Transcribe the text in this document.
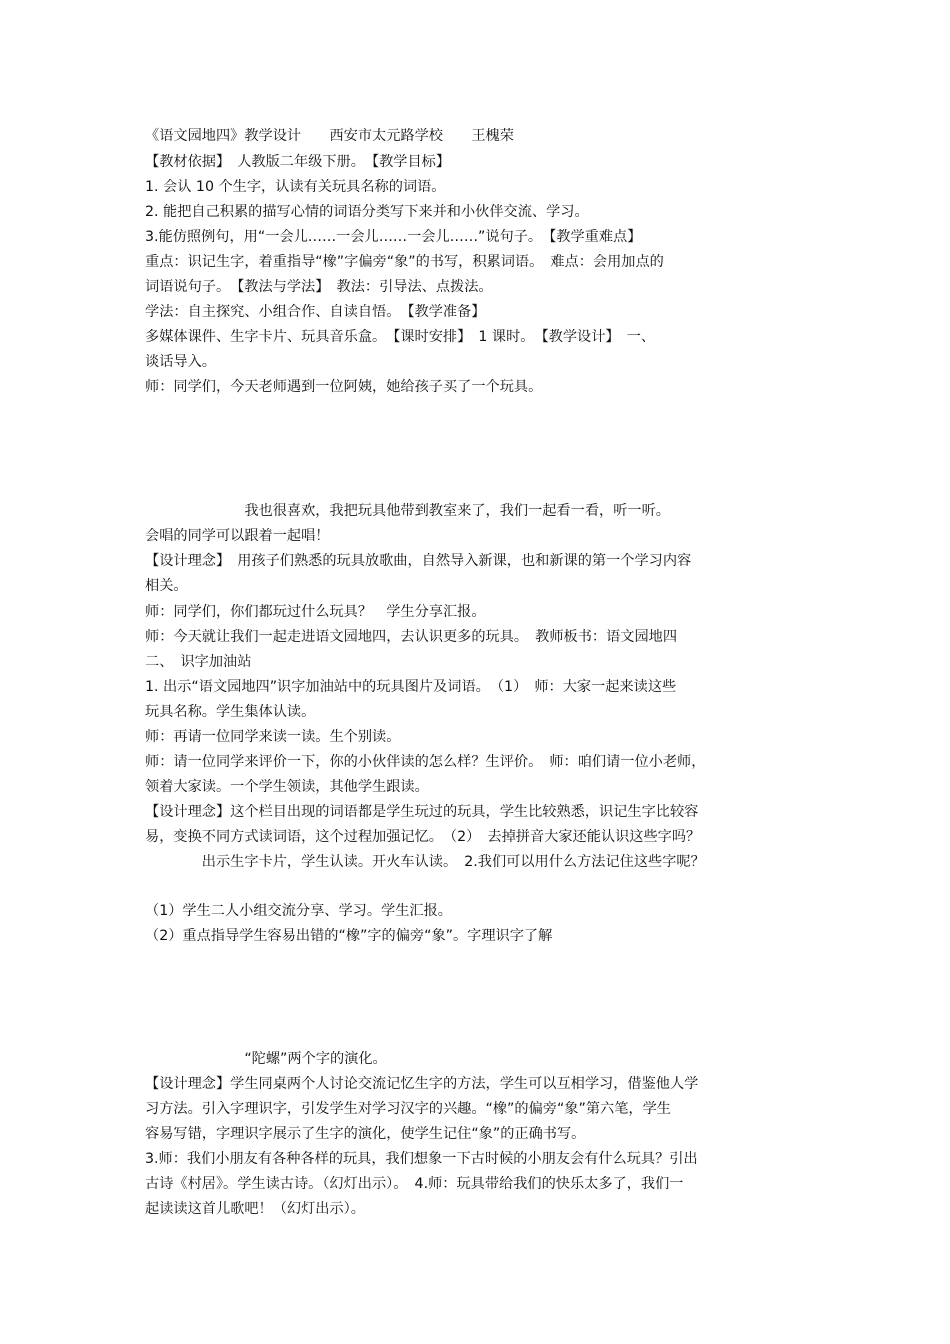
《语文园地四》教学设计　　西安市太元路学校　　王槐荣
【教材依据】　人教版二年级下册。　【教学目标】
1. 会认 10 个生字，认读有关玩具名称的词语。
2. 能把自己积累的描写心情的词语分类写下来并和小伙伴交流、学习。
3.能仿照例句，用“一会儿……一会儿……一会儿……”说句子。　【教学重难点】
重点：识记生字，着重指导“橡”字偏旁“象”的书写，积累词语。　难点：会用加点的
词语说句子。　【教法与学法】　教法：引导法、点拨法。
学法：自主探究、小组合作、自读自悟。　【教学准备】
多媒体课件、生字卡片、玩具音乐盒。　【课时安排】　1 课时。　【教学设计】　一、
谈话导入。
师：同学们，今天老师遇到一位阿姨，她给孩子买了一个玩具。
　　　　　　　我也很喜欢，我把玩具他带到教室来了，我们一起看一看，听一听。
会唱的同学可以跟着一起唱！
【设计理念】　用孩子们熟悉的玩具放歌曲，自然导入新课，也和新课的第一个学习内容
相关。
师：同学们，你们都玩过什么玩具？　学生分享汇报。
师：今天就让我们一起走进语文园地四，去认识更多的玩具。　教师板书：语文园地四
二、　识字加油站
1. 出示“语文园地四”识字加油站中的玩具图片及词语。　（1）　师：大家一起来读这些
玩具名称。学生集体认读。
师：再请一位同学来读一读。生个别读。
师：请一位同学来评价一下，你的小伙伴读的怎么样？生评价。　师：咱们请一位小老师，
领着大家读。一个学生领读，其他学生跟读。
【设计理念】这个栏目出现的词语都是学生玩过的玩具，学生比较熟悉，识记生字比较容
易，变换不同方式读词语，这个过程加强记忆。　（2）　去掉拼音大家还能认识这些字吗？
　　　　出示生字卡片，学生认读。开火车认读。　2.我们可以用什么方法记住这些字呢？
（1）学生二人小组交流分享、学习。学生汇报。
（2）重点指导学生容易出错的“橡”字的偏旁“象”。字理识字了解
　　　　　　　“陀螺”两个字的演化。
【设计理念】学生同桌两个人讨论交流记忆生字的方法，学生可以互相学习，借鉴他人学
习方法。引入字理识字，引发学生对学习汉字的兴趣。“橡”的偏旁“象”第六笔，学生
容易写错，字理识字展示了生字的演化，使学生记住“象”的正确书写。
3.师：我们小朋友有各种各样的玩具，我们想象一下古时候的小朋友会有什么玩具？引出
古诗《村居》。学生读古诗。（幻灯出示）。　4.师：玩具带给我们的快乐太多了，我们一
起读读这首儿歌吧！（幻灯出示）。
